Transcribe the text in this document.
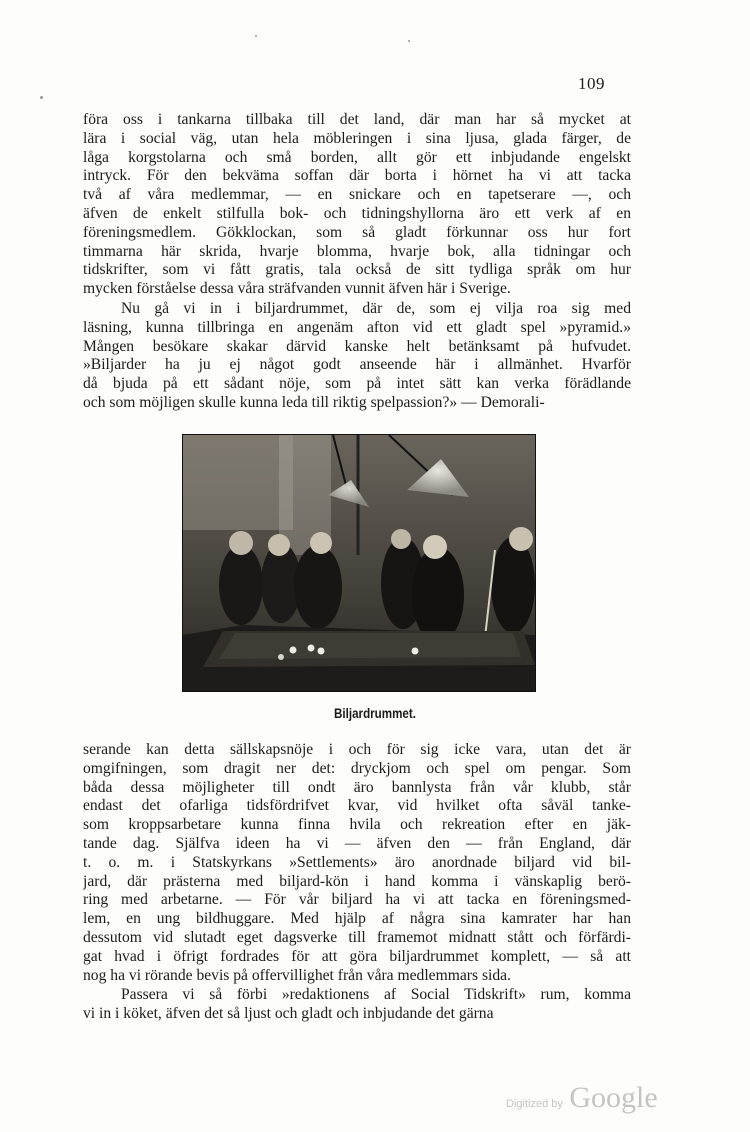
109
föra oss i tankarna tillbaka till det land, där man har så mycket at
lära i social väg, utan hela möbleringen i sina ljusa, glada färger, de
låga korgstolarna och små borden, allt gör ett inbjudande engelskt
intryck. För den bekväma soffan där borta i hörnet ha vi att tacka
två af våra medlemmar, — en snickare och en tapetserare —, och
äfven de enkelt stilfulla bok- och tidningshyllorna äro ett verk af en
föreningsmedlem. Gökklockan, som så gladt förkunnar oss hur fort
timmarna här skrida, hvarje blomma, hvarje bok, alla tidningar och
tidskrifter, som vi fått gratis, tala också de sitt tydliga språk om hur
mycken förståelse dessa våra sträfvanden vunnit äfven här i Sverige.
Nu gå vi in i biljardrummet, där de, som ej vilja roa sig med
läsning, kunna tillbringa en angenäm afton vid ett gladt spel »pyramid.»
Mången besökare skakar därvid kanske helt betänksamt på hufvudet.
»Biljarder ha ju ej något godt anseende här i allmänhet. Hvarför
då bjuda på ett sådant nöje, som på intet sätt kan verka förädlande
och som möjligen skulle kunna leda till riktig spelpassion?» — Demorali-
Biljardrummet.
serande kan detta sällskapsnöje i och för sig icke vara, utan det är
omgifningen, som dragit ner det: dryckjom och spel om pengar. Som
båda dessa möjligheter till ondt äro bannlysta från vår klubb, står
endast det ofarliga tidsfördrifvet kvar, vid hvilket ofta såväl tanke-
som kroppsarbetare kunna finna hvila och rekreation efter en jäk-
tande dag. Själfva ideen ha vi — äfven den — från England, där
t. o. m. i Statskyrkans »Settlements» äro anordnade biljard vid bil-
jard, där prästerna med biljard-kön i hand komma i vänskaplig berö-
ring med arbetarne. — För vår biljard ha vi att tacka en föreningsmed-
lem, en ung bildhuggare. Med hjälp af några sina kamrater har han
dessutom vid slutadt eget dagsverke till framemot midnatt stått och förfärdi-
gat hvad i öfrigt fordrades för att göra biljardrummet komplett, — så att
nog ha vi rörande bevis på offervillighet från våra medlemmars sida.
Passera vi så förbi »redaktionens af Social Tidskrift» rum, komma
vi in i köket, äfven det så ljust och gladt och inbjudande det gärna
Digitized by Google
